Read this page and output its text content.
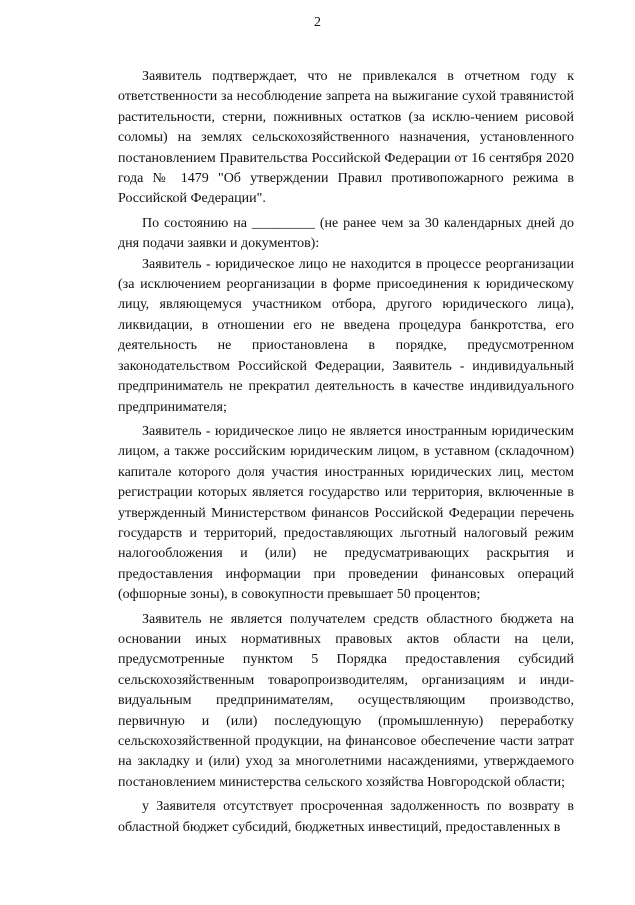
2

Заявитель подтверждает, что не привлекался в отчетном году к ответственности за несоблюдение запрета на выжигание сухой травянистой растительности, стерни, пожнивных остатков (за исклю-чением рисовой соломы) на землях сельскохозяйственного назначения, установленного постановлением Правительства Российской Федерации от 16 сентября 2020 года № 1479 "Об утверждении Правил противопожарного режима в Российской Федерации".

По состоянию на _________ (не ранее чем за 30 календарных дней до дня подачи заявки и документов):

Заявитель - юридическое лицо не находится в процессе реорганизации (за исключением реорганизации в форме присоединения к юридическому лицу, являющемуся участником отбора, другого юридического лица), ликвидации, в отношении его не введена процедура банкротства, его деятельность не приостановлена в порядке, предусмотренном законодательством Российской Федерации, Заявитель - индивидуальный предприниматель не прекратил деятельность в качестве индивидуального предпринимателя;

Заявитель - юридическое лицо не является иностранным юридическим лицом, а также российским юридическим лицом, в уставном (складочном) капитале которого доля участия иностранных юридических лиц, местом регистрации которых является государство или территория, включенные в утвержденный Министерством финансов Российской Федерации перечень государств и территорий, предоставляющих льготный налоговый режим налогообложения и (или) не предусматривающих раскрытия и предоставления информации при проведении финансовых операций (офшорные зоны), в совокупности превышает 50 процентов;

Заявитель не является получателем средств областного бюджета на основании иных нормативных правовых актов области на цели, предусмотренные пунктом 5 Порядка предоставления субсидий сельскохозяйственным товаропроизводителям, организациям и инди-видуальным предпринимателям, осуществляющим производство, первичную и (или) последующую (промышленную) переработку сельскохозяйственной продукции, на финансовое обеспечение части затрат на закладку и (или) уход за многолетними насаждениями, утверждаемого постановлением министерства сельского хозяйства Новгородской области;

у Заявителя отсутствует просроченная задолженность по возврату в областной бюджет субсидий, бюджетных инвестиций, предоставленных в
